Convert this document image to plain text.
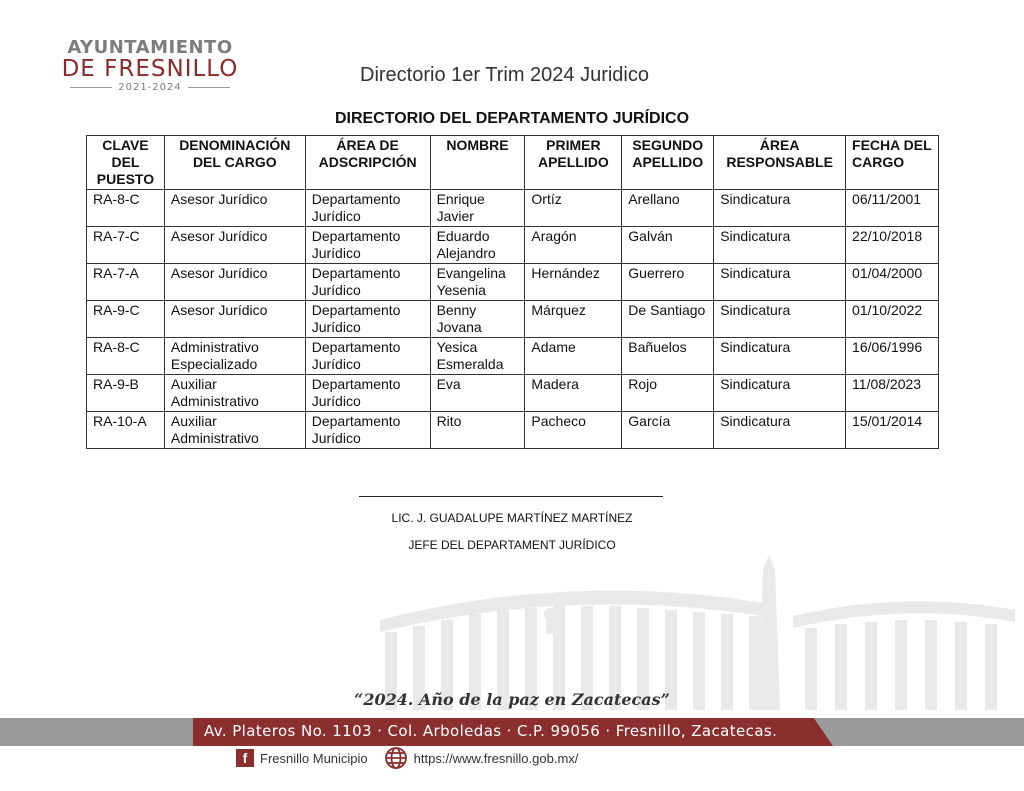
AYUNTAMIENTO
DE FRESNILLO
2021-2024
Directorio 1er Trim 2024 Juridico
DIRECTORIO DEL DEPARTAMENTO JURÍDICO
CLAVE DEL PUESTO	DENOMINACIÓN DEL CARGO	ÁREA DE ADSCRIPCIÓN	NOMBRE	PRIMER APELLIDO	SEGUNDO APELLIDO	ÁREA RESPONSABLE	FECHA DEL CARGO
RA-8-C	Asesor Jurídico	Departamento Jurídico	Enrique Javier	Ortíz	Arellano	Sindicatura	06/11/2001
RA-7-C	Asesor Jurídico	Departamento Jurídico	Eduardo Alejandro	Aragón	Galván	Sindicatura	22/10/2018
RA-7-A	Asesor Jurídico	Departamento Jurídico	Evangelina Yesenia	Hernández	Guerrero	Sindicatura	01/04/2000
RA-9-C	Asesor Jurídico	Departamento Jurídico	Benny Jovana	Márquez	De Santiago	Sindicatura	01/10/2022
RA-8-C	Administrativo Especializado	Departamento Jurídico	Yesica Esmeralda	Adame	Bañuelos	Sindicatura	16/06/1996
RA-9-B	Auxiliar Administrativo	Departamento Jurídico	Eva	Madera	Rojo	Sindicatura	11/08/2023
RA-10-A	Auxiliar Administrativo	Departamento Jurídico	Rito	Pacheco	García	Sindicatura	15/01/2014
LIC. J. GUADALUPE MARTÍNEZ MARTÍNEZ
JEFE DEL DEPARTAMENT JURÍDICO
“2024. Año de la paz en Zacatecas”
Av. Plateros No. 1103 · Col. Arboledas · C.P. 99056 · Fresnillo, Zacatecas.
f Fresnillo Municipio	https://www.fresnillo.gob.mx/
